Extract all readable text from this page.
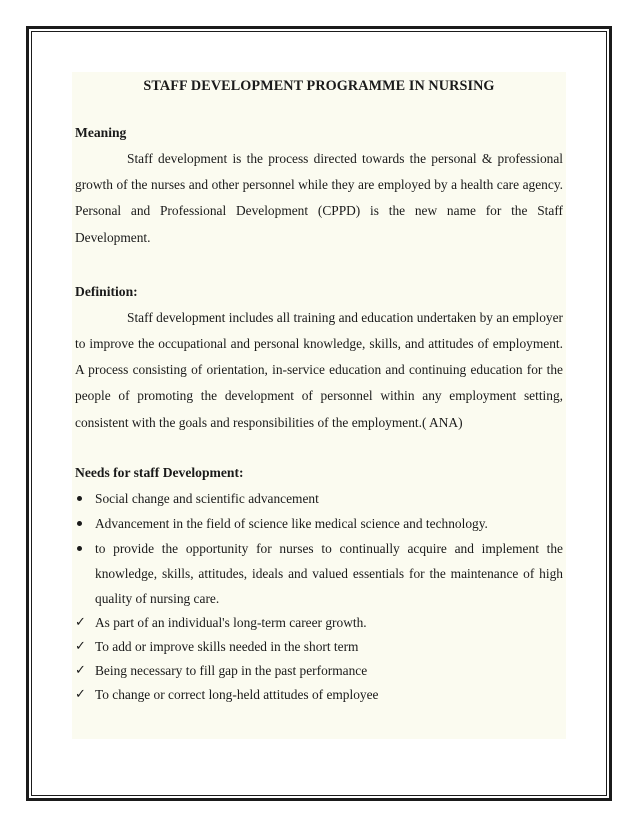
STAFF DEVELOPMENT PROGRAMME IN NURSING

Meaning

Staff development is the process directed towards the personal & professional growth of the nurses and other personnel while they are employed by a health care agency. Personal and Professional Development (CPPD) is the new name for the Staff Development.

Definition:

Staff development includes all training and education undertaken by an employer to improve the occupational and personal knowledge, skills, and attitudes of employment. A process consisting of orientation, in-service education and continuing education for the people of promoting the development of personnel within any employment setting, consistent with the goals and responsibilities of the employment.( ANA)

Needs for staff Development:

Social change and scientific advancement
Advancement in the field of science like medical science and technology.
to provide the opportunity for nurses to continually acquire and implement the knowledge, skills, attitudes, ideals and valued essentials for the maintenance of high quality of nursing care.
✓ As part of an individual's long-term career growth.
✓ To add or improve skills needed in the short term
✓ Being necessary to fill gap in the past performance
✓ To change or correct long-held attitudes of employee
